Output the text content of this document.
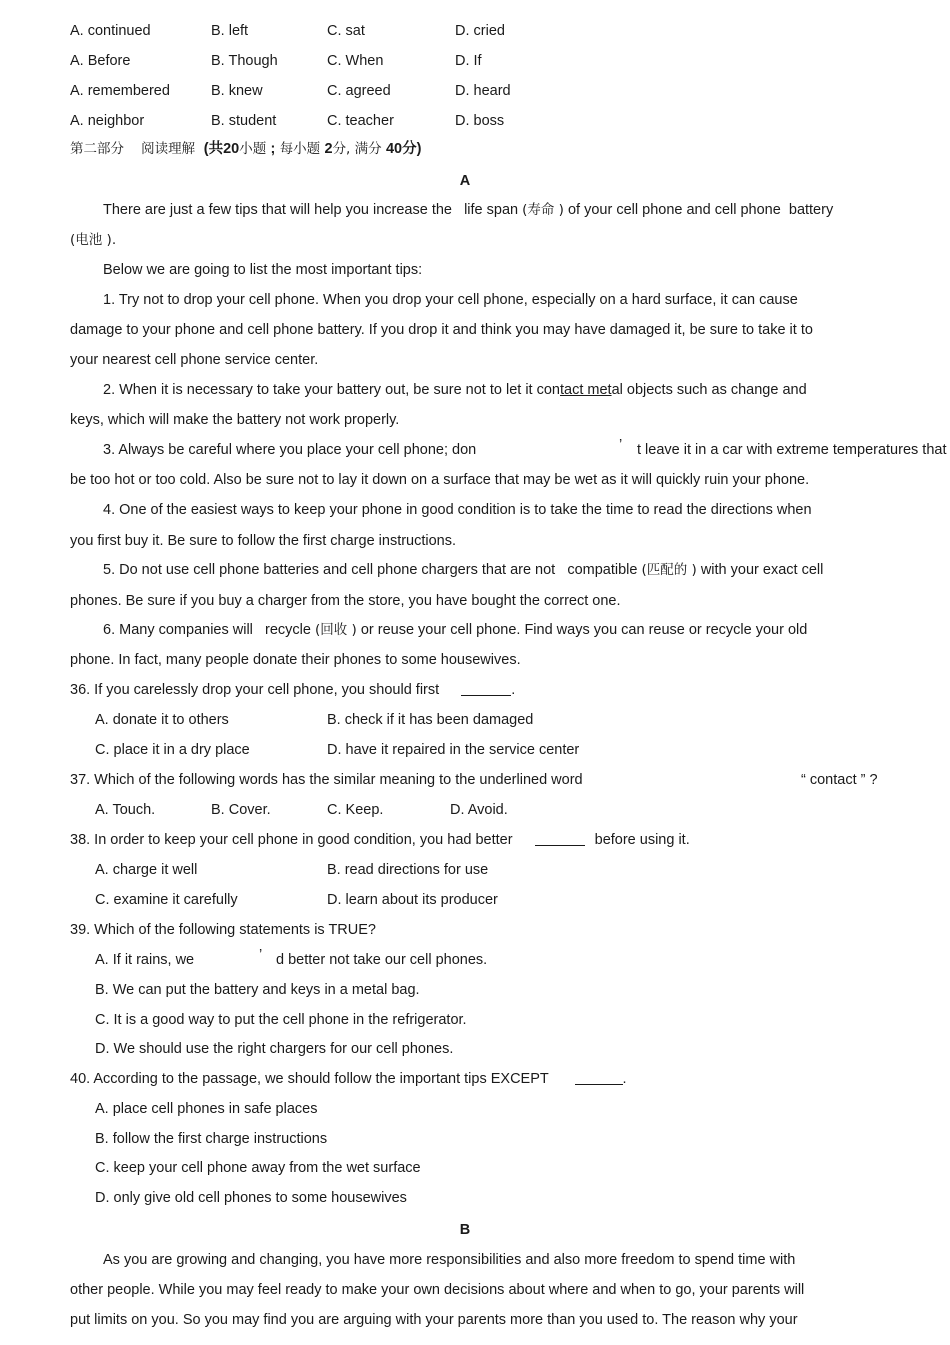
A. continued	B. left	C. sat	D. cried
A. Before	B. Though	C. When	D. If
A. remembered	B. knew	C. agreed	D. heard
A. neighbor	B. student	C. teacher	D. boss
第二部分 阅读理解 (共20小题 ; 每小题 2分, 满分 40分)
A
There are just a few tips that will help you increase the life span (寿命 ) of your cell phone and cell phone battery
(电池 ).
Below we are going to list the most important tips:
1. Try not to drop your cell phone. When you drop your cell phone, especially on a hard surface, it can cause
damage to your phone and cell phone battery. If you drop it and think you may have damaged it, be sure to take it to
your nearest cell phone service center.
2. When it is necessary to take your battery out, be sure not to let it contact metal objects such as change and
keys, which will make the battery not work properly.
3. Always be careful where you place your cell phone; don	’ t leave it in a car with extreme temperatures that
be too hot or too cold. Also be sure not to lay it down on a surface that may be wet as it will quickly ruin your phone.
4. One of the easiest ways to keep your phone in good condition is to take the time to read the directions when
you first buy it. Be sure to follow the first charge instructions.
5. Do not use cell phone batteries and cell phone chargers that are not compatible (匹配的 ) with your exact cell
phones. Be sure if you buy a charger from the store, you have bought the correct one.
6. Many companies will recycle (回收 ) or reuse your cell phone. Find ways you can reuse or recycle your old
phone. In fact, many people donate their phones to some housewives.
36. If you carelessly drop your cell phone, you should first	.
A. donate it to others	B. check if it has been damaged
C. place it in a dry place	D. have it repaired in the service center
37. Which of the following words has the similar meaning to the underlined word	“ contact ” ?
A. Touch.	B. Cover.	C. Keep.	D. Avoid.
38. In order to keep your cell phone in good condition, you had better	before using it.
A. charge it well	B. read directions for use
C. examine it carefully	D. learn about its producer
39. Which of the following statements is TRUE?
A. If it rains, we	’ d better not take our cell phones.
B. We can put the battery and keys in a metal bag.
C. It is a good way to put the cell phone in the refrigerator.
D. We should use the right chargers for our cell phones.
40. According to the passage, we should follow the important tips EXCEPT	.
A. place cell phones in safe places
B. follow the first charge instructions
C. keep your cell phone away from the wet surface
D. only give old cell phones to some housewives
B
As you are growing and changing, you have more responsibilities and also more freedom to spend time with
other people. While you may feel ready to make your own decisions about where and when to go, your parents will
put limits on you. So you may find you are arguing with your parents more than you used to. The reason why your
